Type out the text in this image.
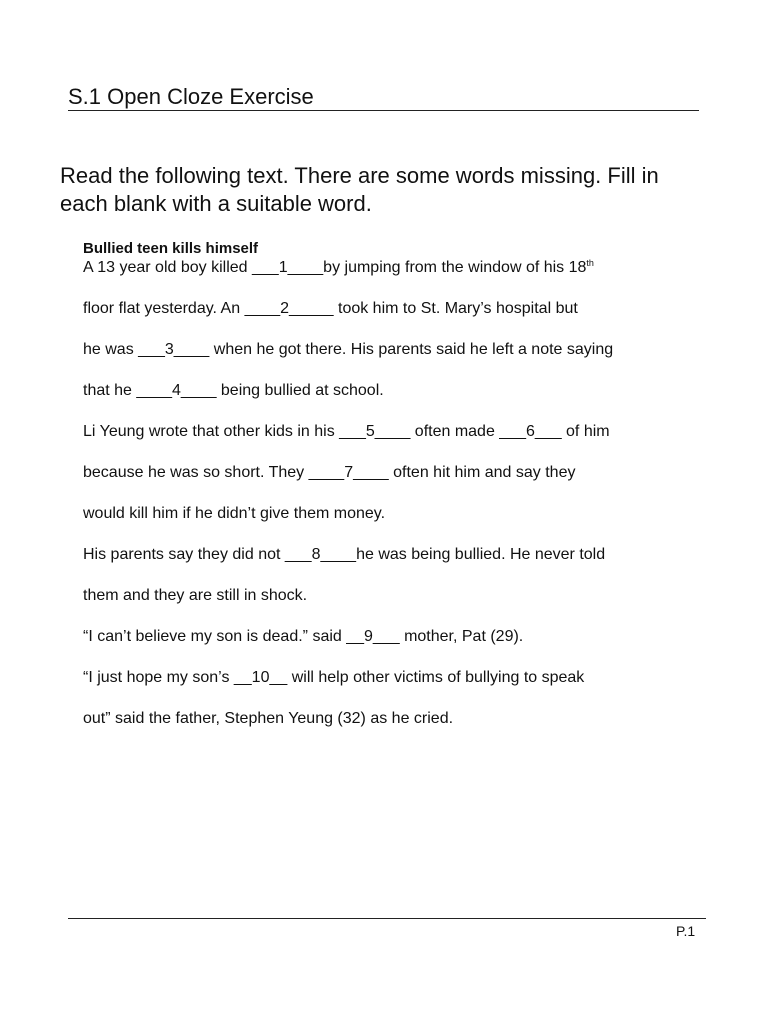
S.1 Open Cloze Exercise
Read the following text. There are some words missing. Fill in each blank with a suitable word.
Bullied teen kills himself

A 13 year old boy killed ___1____by jumping from the window of his 18th

floor flat yesterday. An ____2_____ took him to St. Mary’s hospital but

he was ___3____ when he got there. His parents said he left a note saying

that he ____4____ being bullied at school.

Li Yeung wrote that other kids in his ___5____ often made ___6___ of him

because he was so short. They ____7____ often hit him and say they

would kill him if he didn’t give them money.

His parents say they did not ___8____he was being bullied. He never told

them and they are still in shock.

“I can’t believe my son is dead.” said __9___ mother, Pat (29).

“I just hope my son’s __10__ will help other victims of bullying to speak

out” said the father, Stephen Yeung (32) as he cried.

P.1
